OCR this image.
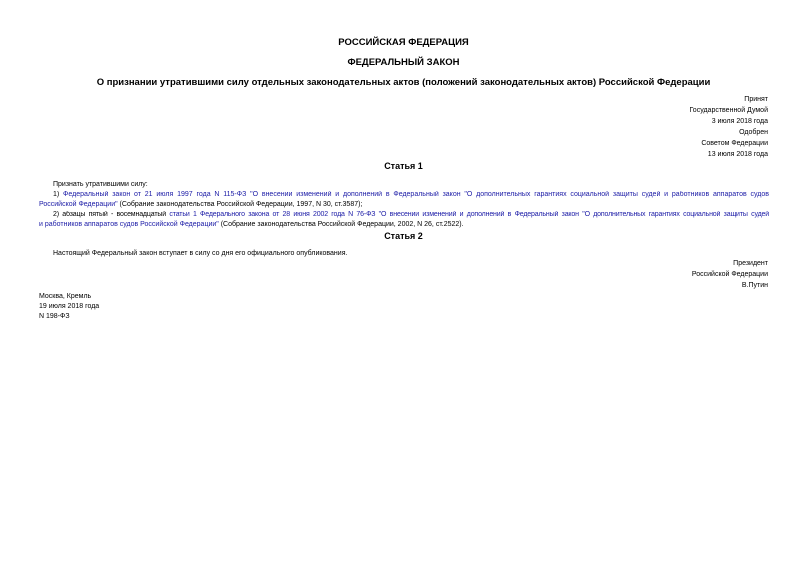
РОССИЙСКАЯ ФЕДЕРАЦИЯ
ФЕДЕРАЛЬНЫЙ ЗАКОН
О признании утратившими силу отдельных законодательных актов (положений законодательных актов) Российской Федерации
Принят
Государственной Думой
3 июля 2018 года
Одобрен
Советом Федерации
13 июля 2018 года
Статья 1
Признать утратившими силу:
1) Федеральный закон от 21 июля 1997 года N 115-ФЗ "О внесении изменений и дополнений в Федеральный закон "О дополнительных гарантиях социальной защиты судей и работников аппаратов судов
Российской Федерации" (Собрание законодательства Российской Федерации, 1997, N 30, ст.3587);
2) абзацы пятый - восемнадцатый статьи 1 Федерального закона от 28 июня 2002 года N 76-ФЗ "О внесении изменений и дополнений в Федеральный закон "О дополнительных гарантиях социальной защиты судей
и работников аппаратов судов Российской Федерации" (Собрание законодательства Российской Федерации, 2002, N 26, ст.2522).
Статья 2
Настоящий Федеральный закон вступает в силу со дня его официального опубликования.
Президент
Российской Федерации
В.Путин
Москва, Кремль
19 июля 2018 года
N 198-ФЗ
